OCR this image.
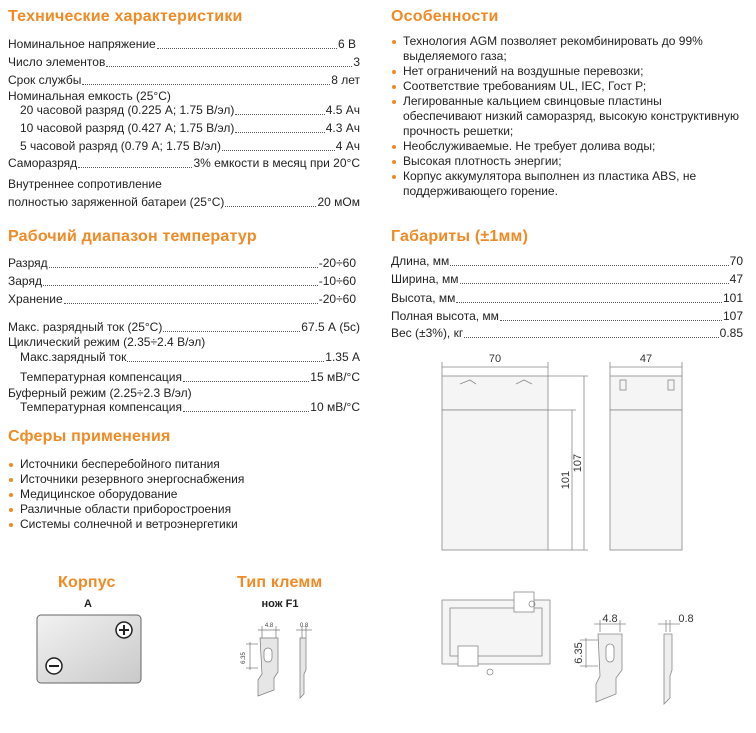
Технические характеристики
Номинальное напряжение	6 В
Число элементов	3
Срок службы	8 лет
Номинальная емкость (25°С)
20 часовой разряд (0.225 А; 1.75 В/эл)	4.5 Ач
10 часовой разряд (0.427 А; 1.75 В/эл)	4.3 Ач
5 часовой разряд (0.79 А; 1.75 В/эл)	4 Ач
Саморазряд	3% емкости в месяц при 20°С
Внутреннее сопротивление
полностью заряженной батареи (25°С)	20 мОм
Рабочий диапазон температур
Разряд	-20÷60
Заряд	-10÷60
Хранение	-20÷60
Макс. разрядный ток (25°С)	67.5 А (5с)
Циклический режим (2.35÷2.4 В/эл)
Макс.зарядный ток	1.35 А
Температурная компенсация	15 мВ/°С
Буферный режим (2.25÷2.3 В/эл)
Температурная компенсация	10 мВ/°С
Сферы применения
Источники бесперебойного питания
Источники резервного энергоснабжения
Медицинское оборудование
Различные области приборостроения
Системы солнечной и ветроэнергетики
Корпус
A
Тип клемм
нож F1
4.8	0.8
6.35
Особенности
Технология AGM позволяет рекомбинировать до 99% выделяемого газа;
Нет ограничений на воздушные перевозки;
Соответствие требованиям UL, IEC, Гост Р;
Легированные кальцием свинцовые пластины обеспечивают низкий саморазряд, высокую конструктивную прочность решетки;
Необслуживаемые. Не требует долива воды;
Высокая плотность энергии;
Корпус аккумулятора выполнен из пластика ABS, не поддерживающего горение.
Габариты (±1мм)
Длина, мм	70
Ширина, мм	47
Высота, мм	101
Полная высота, мм	107
Вес (±3%), кг	0.85
70	47
101
107
4.8	0.8
6.35
